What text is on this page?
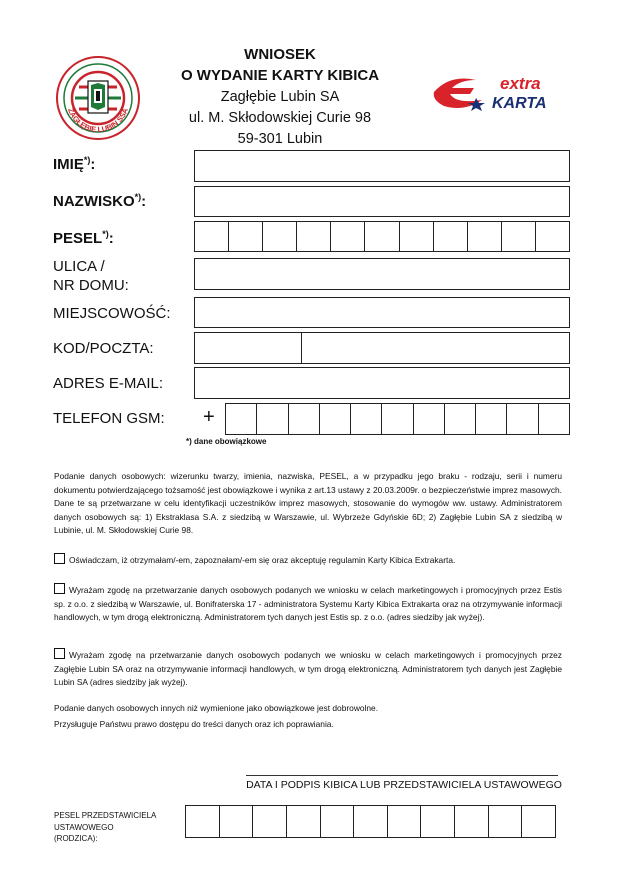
ZAGŁĘBIE LUBIN SSA
WNIOSEK
O WYDANIE KARTY KIBICA
Zagłębie Lubin SA
ul. M. Skłodowskiej Curie 98
59-301 Lubin
extra
KARTA
IMIĘ*):
NAZWISKO*):
PESEL*):
ULICA /
NR DOMU:
MIEJSCOWOŚĆ:
KOD/POCZTA:
ADRES E-MAIL:
TELEFON GSM: +
*) dane obowiązkowe
Podanie danych osobowych: wizerunku twarzy, imienia, nazwiska, PESEL, a w przypadku jego braku - rodzaju, serii i numeru dokumentu potwierdzającego tożsamość jest obowiązkowe i wynika z art.13 ustawy z 20.03.2009r. o bezpieczeństwie imprez masowych. Dane te są przetwarzane w celu identyfikacji uczestników imprez masowych, stosowanie do wymogów ww. ustawy. Administratorem danych osobowych są: 1) Ekstraklasa S.A. z siedzibą w Warszawie, ul. Wybrzeże Gdyńskie 6D; 2) Zagłębie Lubin SA z siedzibą w Lubinie, ul. M. Skłodowskiej Curie 98.
Oświadczam, iż otrzymałam/-em, zapoznałam/-em się oraz akceptuję regulamin Karty Kibica Extrakarta.
Wyrażam zgodę na przetwarzanie danych osobowych podanych we wniosku w celach marketingowych i promocyjnych przez Estis sp. z o.o. z siedzibą w Warszawie, ul. Bonifraterska 17 - administratora Systemu Karty Kibica Extrakarta oraz na otrzymywanie informacji handlowych, w tym drogą elektroniczną. Administratorem tych danych jest Estis sp. z o.o. (adres siedziby jak wyżej).
Wyrażam zgodę na przetwarzanie danych osobowych podanych we wniosku w celach marketingowych i promocyjnych przez Zagłębie Lubin SA oraz na otrzymywanie informacji handlowych, w tym drogą elektroniczną. Administratorem tych danych jest Zagłębie Lubin SA (adres siedziby jak wyżej).
Podanie danych osobowych innych niż wymienione jako obowiązkowe jest dobrowolne.
Przysługuje Państwu prawo dostępu do treści danych oraz ich poprawiania.
DATA I PODPIS KIBICA LUB PRZEDSTAWICIELA USTAWOWEGO
PESEL PRZEDSTAWICIELA
USTAWOWEGO
(RODZICA):
